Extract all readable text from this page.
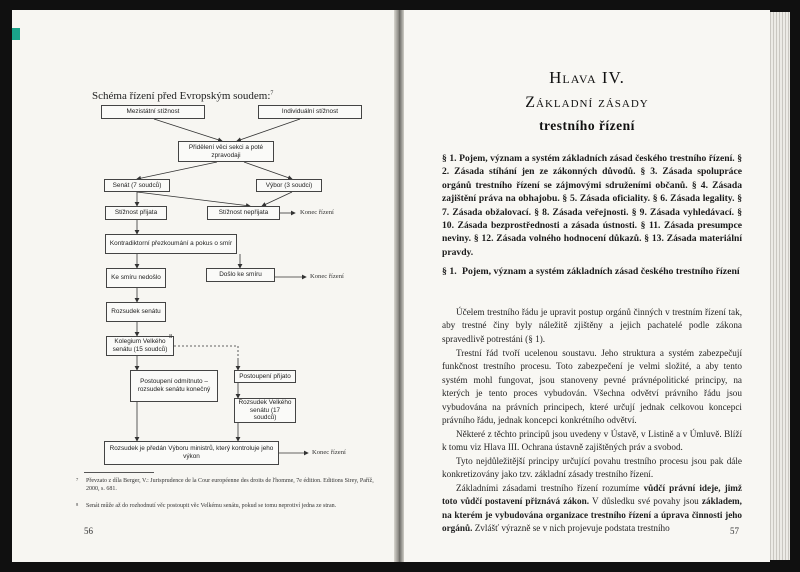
Schéma řízení před Evropským soudem:$^7$
Mezistátní stížnost	Individuální stížnost
Přidělení věci sekci a poté zpravodaji
Senát (7 soudců)	Výbor (3 soudci)
Stížnost přijata	Stížnost nepřijata	Konec řízení
Kontradiktorní přezkoumání a pokus o smír
Ke smíru nedošlo	Došlo ke smíru	Konec řízení
Rozsudek senátu
Kolegium Velkého senátu (15 soudců)
8
Postoupení odmítnuto – rozsudek senátu konečný
Postoupení přijato
Rozsudek Velkého senátu (17 soudců)
Rozsudek je předán Výboru ministrů, který kontroluje jeho výkon
Konec řízení
7 Převzato z díla Berger, V.: Jurisprudence de la Cour européenne des droits de l'homme, 7e édition. Editions Sirey, Paříž, 2000, s. 681.
8 Senát může až do rozhodnutí věc postoupit věc Velkému senátu, pokud se tomu neprotiví jedna ze stran.
56
Hlava IV.
Základní zásady
trestního řízení
§ 1. Pojem, význam a systém základních zásad českého trestního řízení. § 2. Zásada stíhání jen ze zákonných důvodů. § 3. Zásada spolupráce orgánů trestního řízení se zájmovými sdruženími občanů. § 4. Zásada zajištění práva na obhajobu. § 5. Zásada oficiality. § 6. Zásada legality. § 7. Zásada obžalovací. § 8. Zásada veřejnosti. § 9. Zásada vyhledávací. § 10. Zásada bezprostřednosti a zásada ústnosti. § 11. Zásada presumpce neviny. § 12. Zásada volného hodnocení důkazů. § 13. Zásada materiální pravdy.
§ 1. Pojem, význam a systém základních zásad českého trestního řízení
Účelem trestního řádu je upravit postup orgánů činných v trestním řízení tak, aby trestné činy byly náležitě zjištěny a jejich pachatelé podle zákona spravedlivě potrestáni (§ 1).
Trestní řád tvoří ucelenou soustavu. Jeho struktura a systém zabezpečují funkčnost trestního procesu. Toto zabezpečení je velmi složité, a aby tento systém mohl fungovat, jsou stanoveny pevné právnépolitické principy, na kterých je tento proces vybudován. Všechna odvětví právního řádu jsou vybudována na právních principech, které určují jednak celkovou koncepci právního řádu, jednak koncepci konkrétního odvětví.
Některé z těchto principů jsou uvedeny v Ústavě, v Listině a v Úmluvě. Blíží k tomu viz Hlava III. Ochrana ústavně zajištěných práv a svobod.
Tyto nejdůležitější principy určující povahu trestního procesu jsou pak dále konkretizovány jako tzv. základní zásady trestního řízení.
Základními zásadami trestního řízení rozumíme vůdčí právní ideje, jimž toto vůdčí postavení přiznává zákon. V důsledku své povahy jsou základem, na kterém je vybudována organizace trestního řízení a úprava činnosti jeho orgánů. Zvlášť výrazně se v nich projevuje podstata trestního	57
